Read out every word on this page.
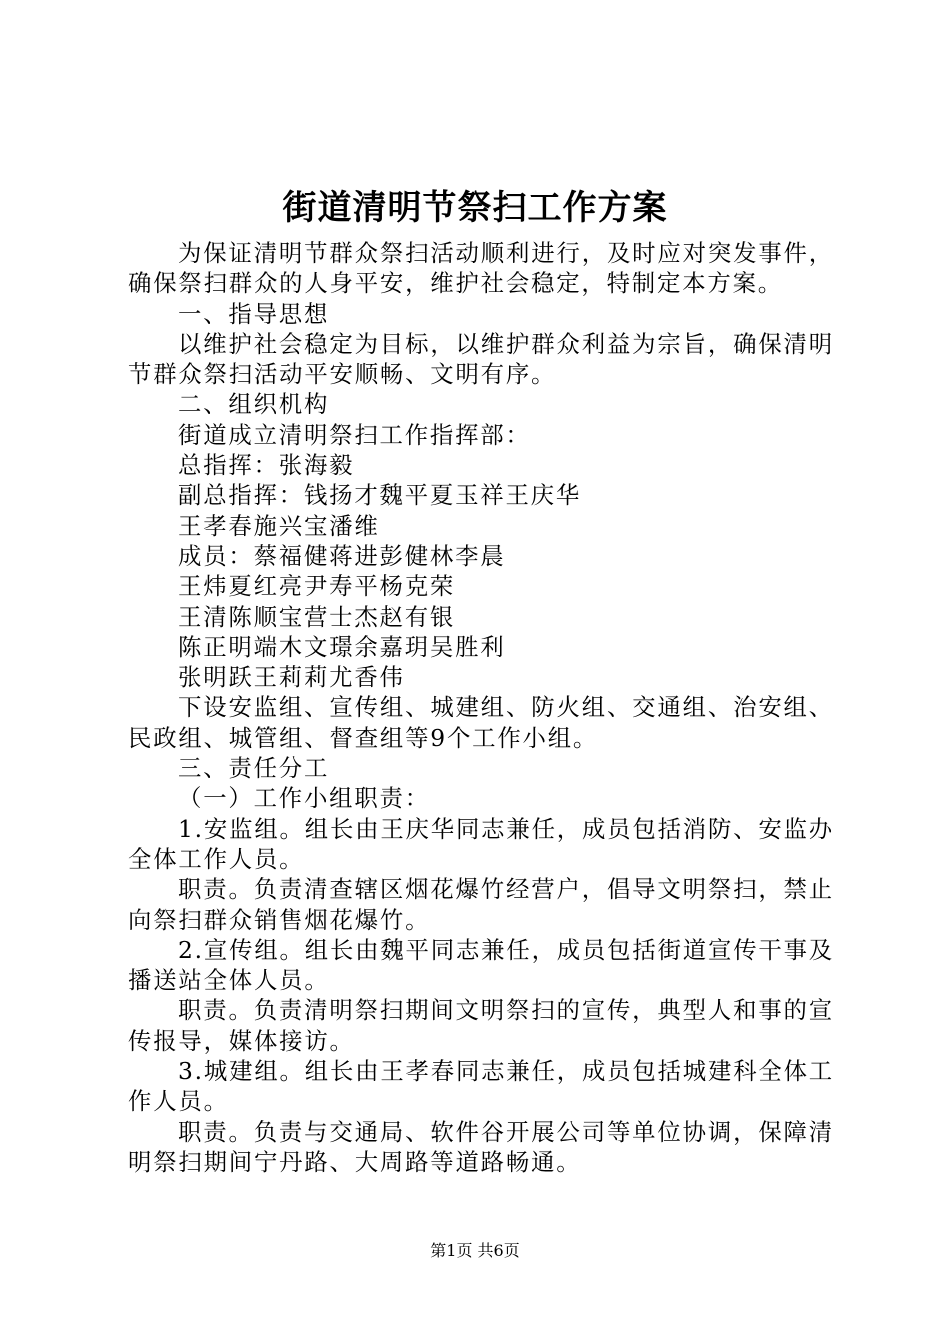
街道清明节祭扫工作方案

为保证清明节群众祭扫活动顺利进行，及时应对突发事件，确保祭扫群众的人身平安，维护社会稳定，特制定本方案。

一、指导思想

以维护社会稳定为目标，以维护群众利益为宗旨，确保清明节群众祭扫活动平安顺畅、文明有序。

二、组织机构

街道成立清明祭扫工作指挥部：

总指挥：张海毅

副总指挥：钱扬才魏平夏玉祥王庆华

王孝春施兴宝潘维

成员：蔡福健蒋进彭健林李晨

王炜夏红亮尹寿平杨克荣

王清陈顺宝营士杰赵有银

陈正明端木文璟余嘉玥吴胜利

张明跃王莉莉尤香伟

下设安监组、宣传组、城建组、防火组、交通组、治安组、民政组、城管组、督查组等9个工作小组。

三、责任分工

（一）工作小组职责：

1.安监组。组长由王庆华同志兼任，成员包括消防、安监办全体工作人员。

职责。负责清查辖区烟花爆竹经营户，倡导文明祭扫，禁止向祭扫群众销售烟花爆竹。

2.宣传组。组长由魏平同志兼任，成员包括街道宣传干事及播送站全体人员。

职责。负责清明祭扫期间文明祭扫的宣传，典型人和事的宣传报导，媒体接访。

3.城建组。组长由王孝春同志兼任，成员包括城建科全体工作人员。

职责。负责与交通局、软件谷开展公司等单位协调，保障清明祭扫期间宁丹路、大周路等道路畅通。

第1页 共6页
